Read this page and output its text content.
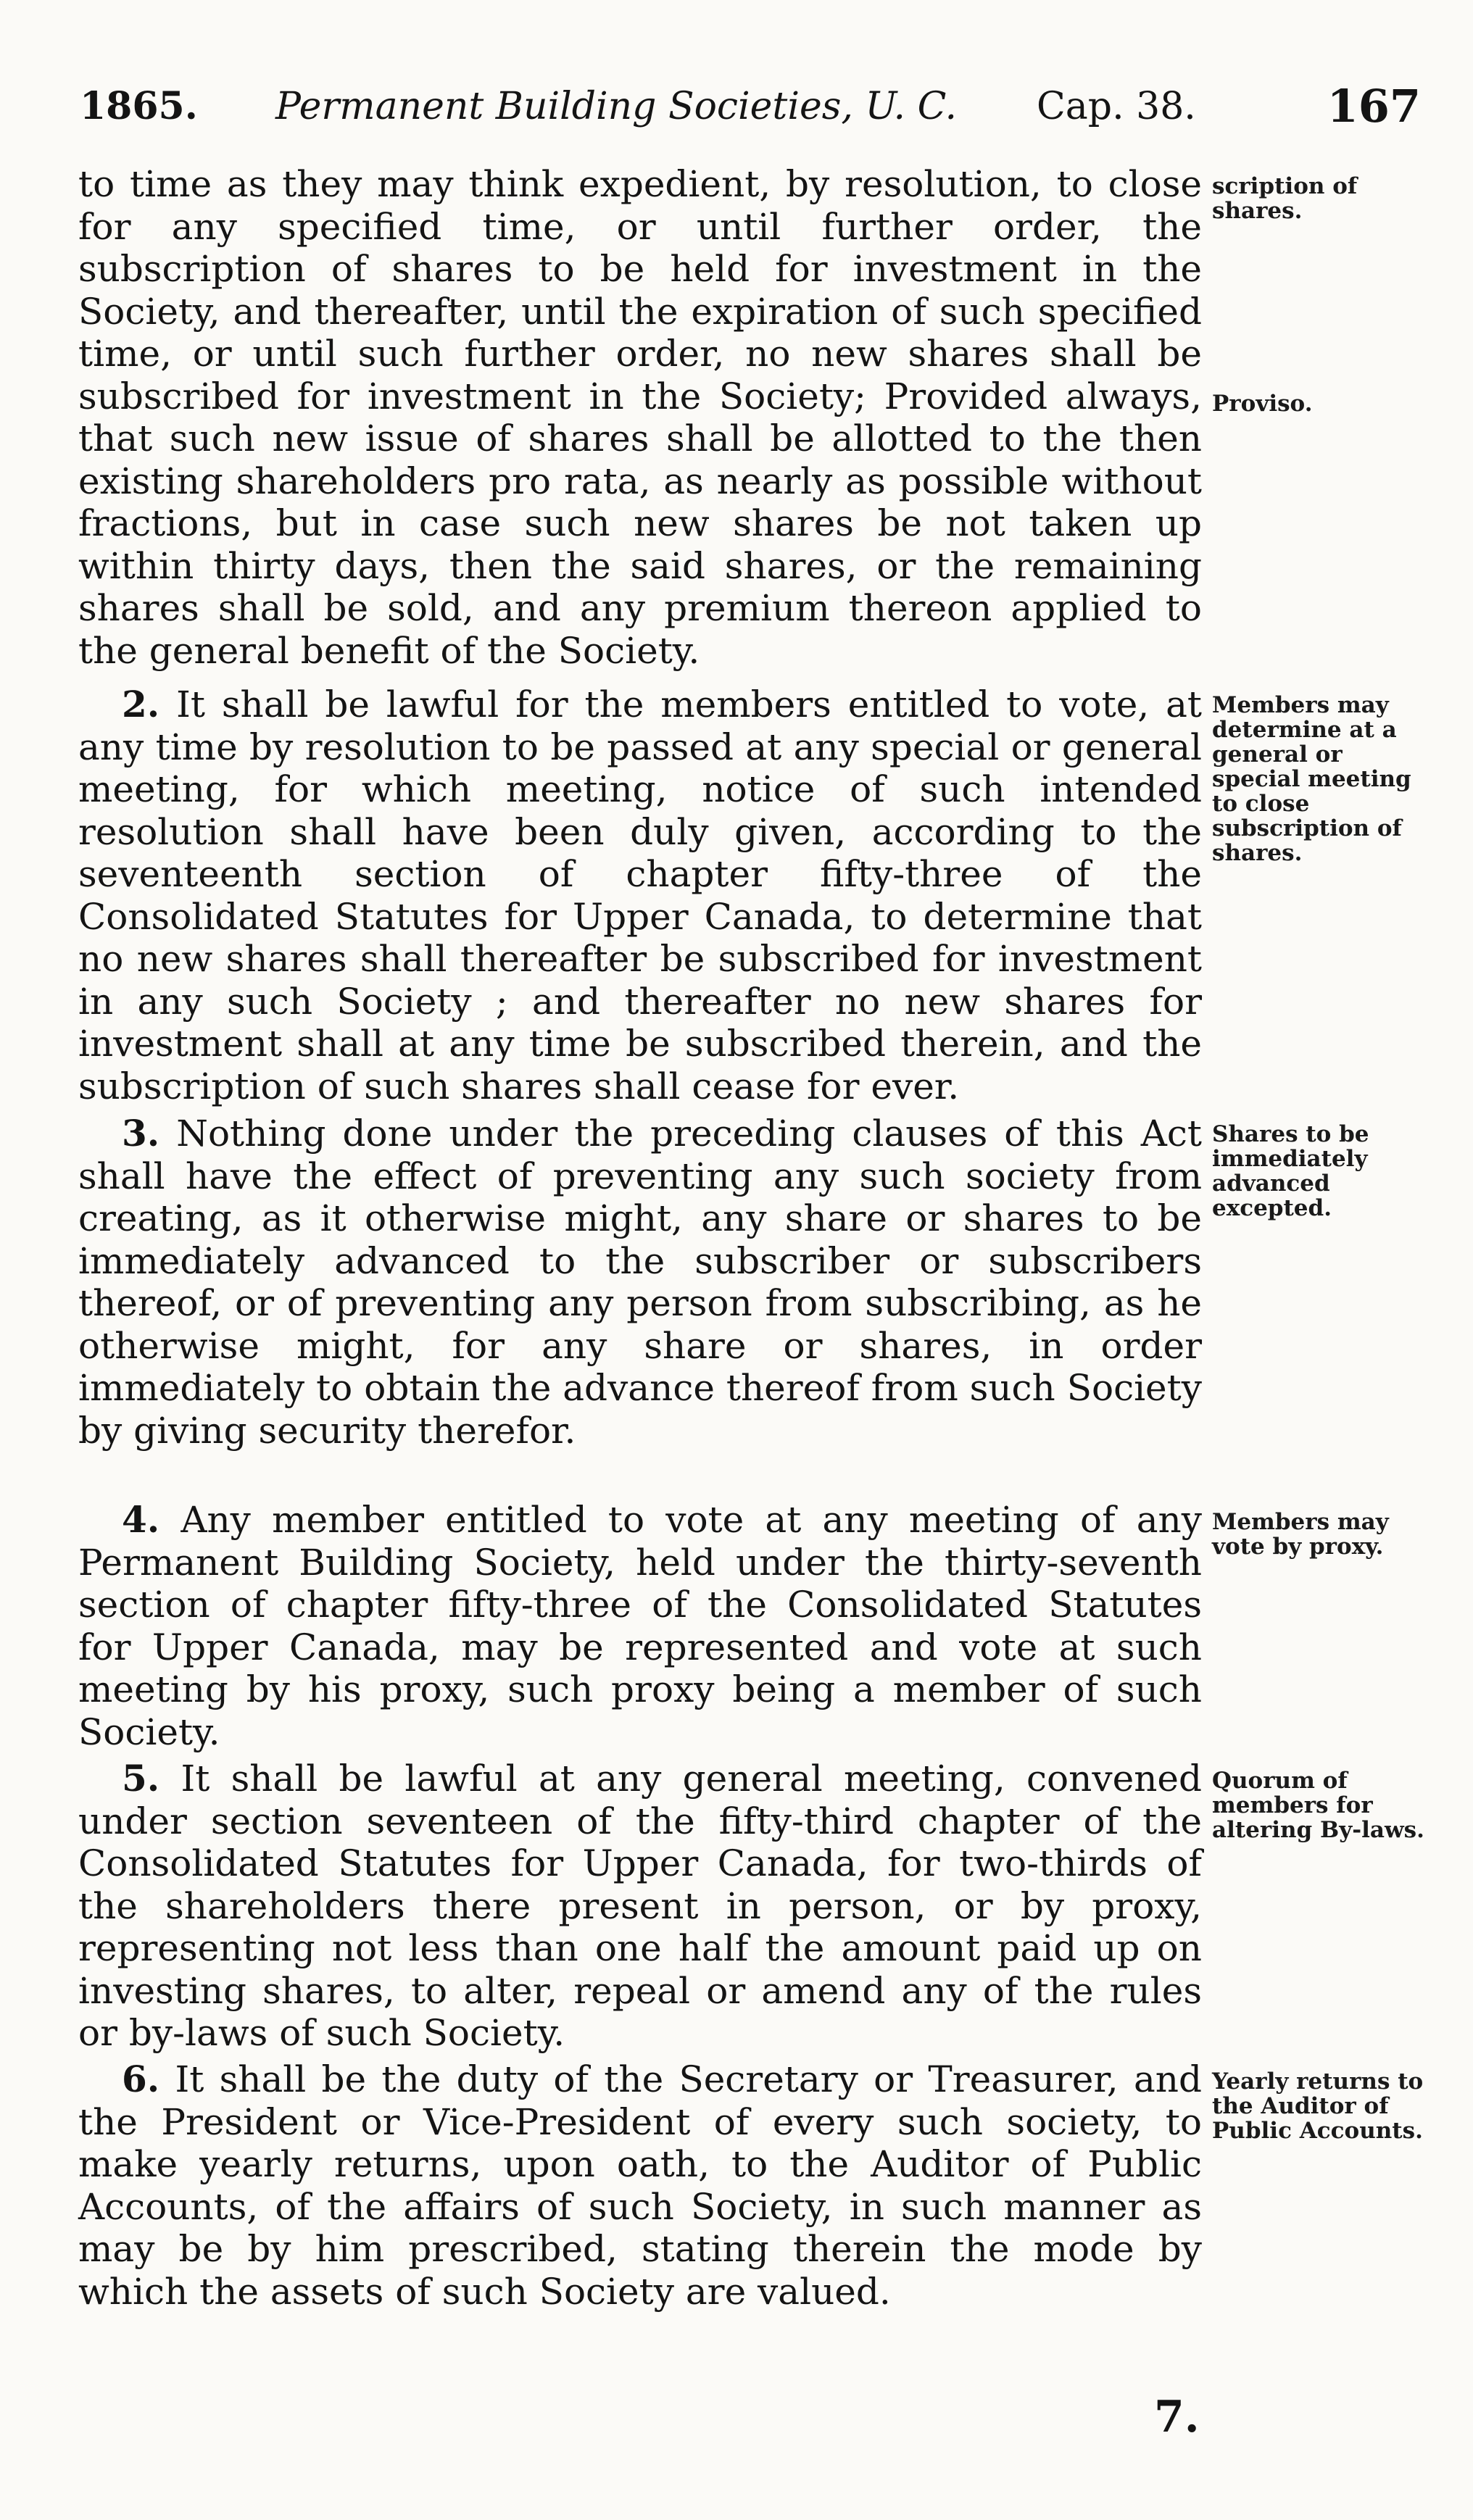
1865. Permanent Building Societies, U. C. Cap. 38.	167

to time as they may think expedient, by resolution, to close for any specified time, or until further order, the subscription of shares to be held for investment in the Society, and thereafter, until the expiration of such specified time, or until such further order, no new shares shall be subscribed for investment in the Society; Provided always, that such new issue of shares shall be allotted to the then existing shareholders pro rata, as nearly as possible without fractions, but in case such new shares be not taken up within thirty days, then the said shares, or the remaining shares shall be sold, and any premium thereon applied to the general benefit of the Society.

2. It shall be lawful for the members entitled to vote, at any time by resolution to be passed at any special or general meeting, for which meeting, notice of such intended resolution shall have been duly given, according to the seventeenth section of chapter fifty-three of the Consolidated Statutes for Upper Canada, to determine that no new shares shall thereafter be subscribed for investment in any such Society ; and thereafter no new shares for investment shall at any time be subscribed therein, and the subscription of such shares shall cease for ever.

3. Nothing done under the preceding clauses of this Act shall have the effect of preventing any such society from creating, as it otherwise might, any share or shares to be immediately advanced to the subscriber or subscribers thereof, or of preventing any person from subscribing, as he otherwise might, for any share or shares, in order immediately to obtain the advance thereof from such Society by giving security therefor.

4. Any member entitled to vote at any meeting of any Permanent Building Society, held under the thirty-seventh section of chapter fifty-three of the Consolidated Statutes for Upper Canada, may be represented and vote at such meeting by his proxy, such proxy being a member of such Society.

5. It shall be lawful at any general meeting, convened under section seventeen of the fifty-third chapter of the Consolidated Statutes for Upper Canada, for two-thirds of the shareholders there present in person, or by proxy, representing not less than one half the amount paid up on investing shares, to alter, repeal or amend any of the rules or by-laws of such Society.

6. It shall be the duty of the Secretary or Treasurer, and the President or Vice-President of every such society, to make yearly returns, upon oath, to the Auditor of Public Accounts, of the affairs of such Society, in such manner as may be by him prescribed, stating therein the mode by which the assets of such Society are valued.

scription of shares.
Proviso.
Members may determine at a general or special meeting to close subscription of shares.
Shares to be immediately advanced excepted.
Members may vote by proxy.
Quorum of members for altering By-laws.
Yearly returns to the Auditor of Public Accounts.
7.
